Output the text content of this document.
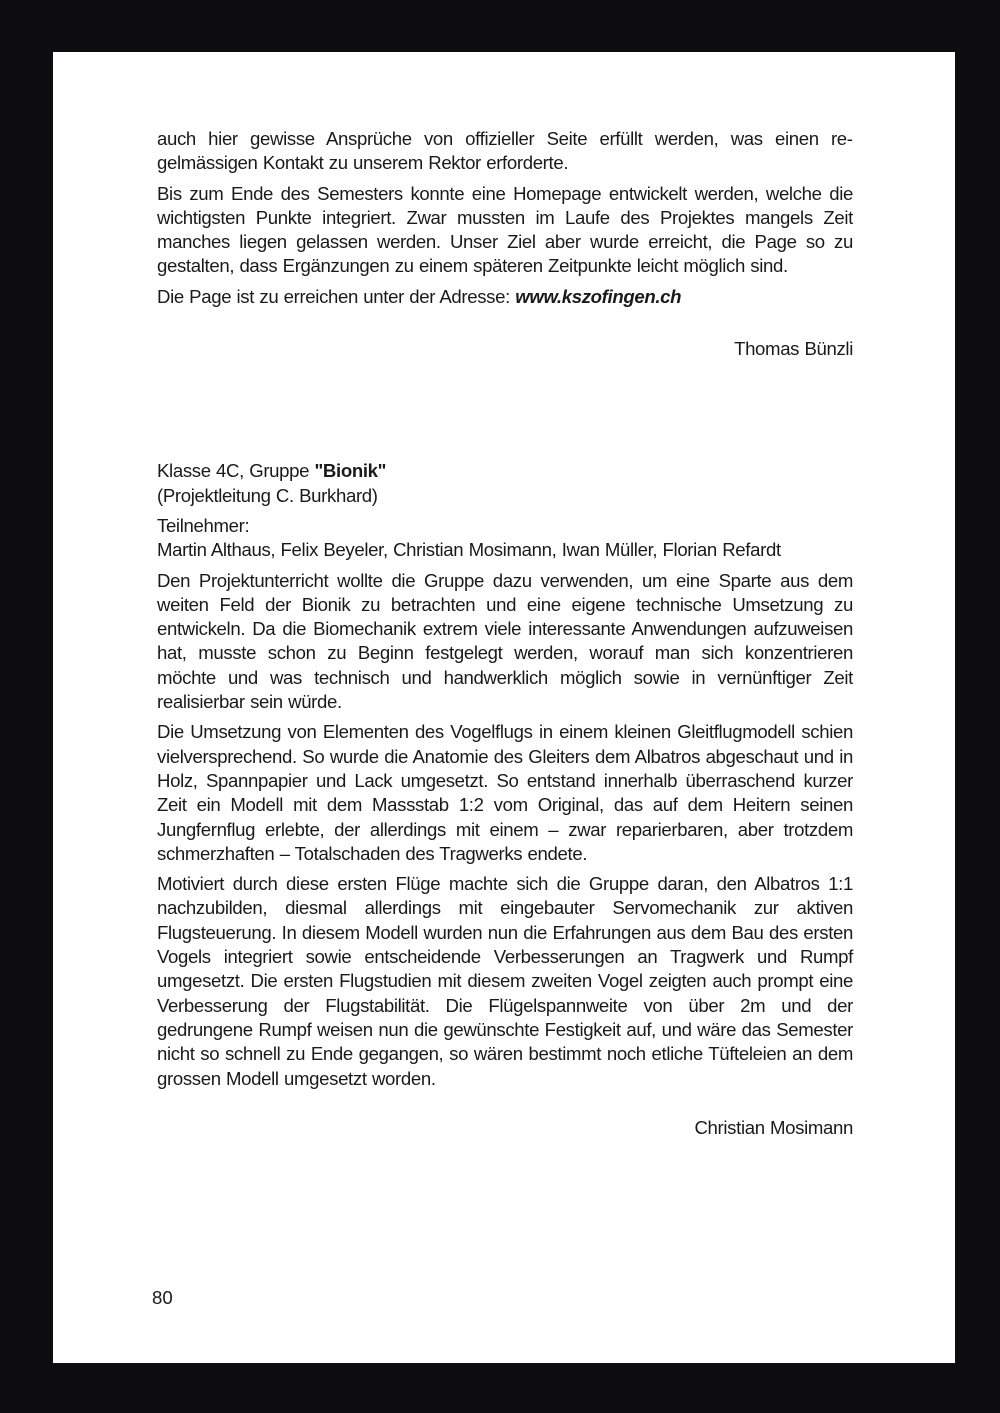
auch hier gewisse Ansprüche von offizieller Seite erfüllt werden, was einen regelmässigen Kontakt zu unserem Rektor erforderte.

Bis zum Ende des Semesters konnte eine Homepage entwickelt werden, welche die wichtigsten Punkte integriert. Zwar mussten im Laufe des Projektes mangels Zeit manches liegen gelassen werden. Unser Ziel aber wurde erreicht, die Page so zu gestalten, dass Ergänzungen zu einem späteren Zeitpunkte leicht möglich sind.

Die Page ist zu erreichen unter der Adresse: www.kszofingen.ch

Thomas Bünzli

Klasse 4C, Gruppe "Bionik"

(Projektleitung C. Burkhard)

Teilnehmer:

Martin Althaus, Felix Beyeler, Christian Mosimann, Iwan Müller, Florian Refardt

Den Projektunterricht wollte die Gruppe dazu verwenden, um eine Sparte aus dem weiten Feld der Bionik zu betrachten und eine eigene technische Umsetzung zu entwickeln. Da die Biomechanik extrem viele interessante Anwendungen aufzuweisen hat, musste schon zu Beginn festgelegt werden, worauf man sich konzentrieren möchte und was technisch und handwerklich möglich sowie in vernünftiger Zeit realisierbar sein würde.

Die Umsetzung von Elementen des Vogelflugs in einem kleinen Gleitflugmodell schien vielversprechend. So wurde die Anatomie des Gleiters dem Albatros abgeschaut und in Holz, Spannpapier und Lack umgesetzt. So entstand innerhalb überraschend kurzer Zeit ein Modell mit dem Massstab 1:2 vom Original, das auf dem Heitern seinen Jungfernflug erlebte, der allerdings mit einem – zwar reparierbaren, aber trotzdem schmerzhaften – Totalschaden des Tragwerks endete.

Motiviert durch diese ersten Flüge machte sich die Gruppe daran, den Albatros 1:1 nachzubilden, diesmal allerdings mit eingebauter Servomechanik zur aktiven Flugsteuerung. In diesem Modell wurden nun die Erfahrungen aus dem Bau des ersten Vogels integriert sowie entscheidende Verbesserungen an Tragwerk und Rumpf umgesetzt. Die ersten Flugstudien mit diesem zweiten Vogel zeigten auch prompt eine Verbesserung der Flugstabilität. Die Flügelspannweite von über 2m und der gedrungene Rumpf weisen nun die gewünschte Festigkeit auf, und wäre das Semester nicht so schnell zu Ende gegangen, so wären bestimmt noch etliche Tüfteleien an dem grossen Modell umgesetzt worden.

Christian Mosimann

80
